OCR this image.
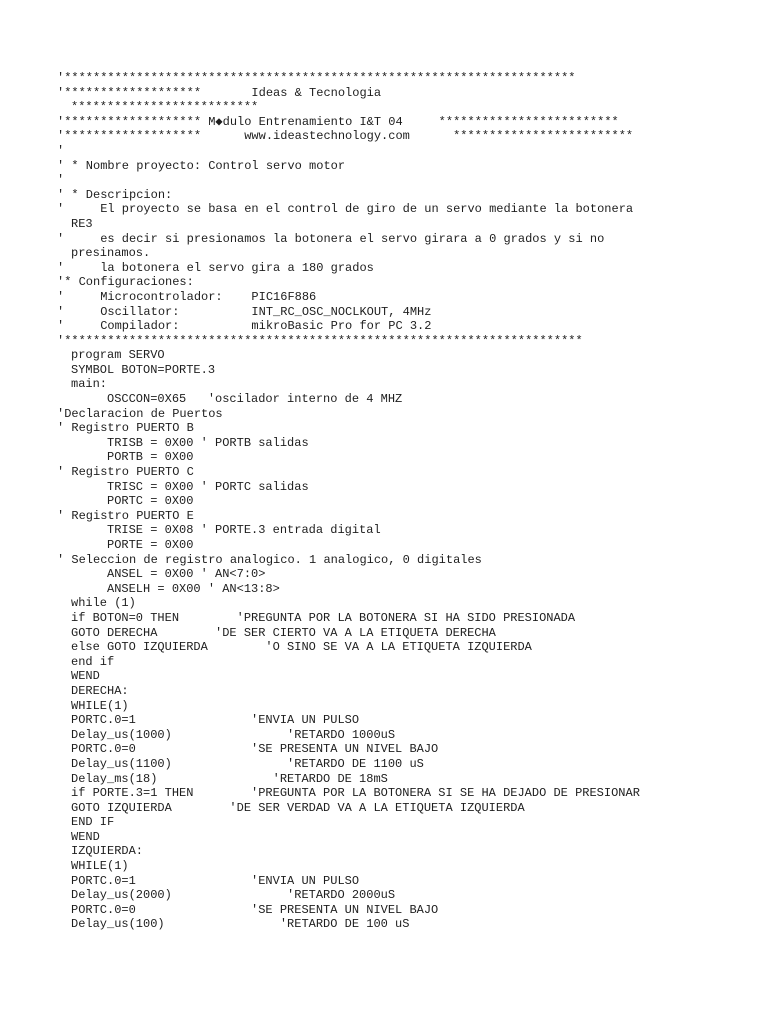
'***********************************************************************
'*******************       Ideas & Tecnologia
**************************
'******************* M◆dulo Entrenamiento I&T 04     *************************
'*******************      www.ideastechnology.com      *************************
'
' * Nombre proyecto: Control servo motor
'
' * Descripcion:
'     El proyecto se basa en el control de giro de un servo mediante la botonera
RE3
'     es decir si presionamos la botonera el servo girara a 0 grados y si no
presinamos.
'     la botonera el servo gira a 180 grados
'* Configuraciones:
'     Microcontrolador:    PIC16F886
'     Oscillator:          INT_RC_OSC_NOCLKOUT, 4MHz
'     Compilador:          mikroBasic Pro for PC 3.2
'************************************************************************
program SERVO
SYMBOL BOTON=PORTE.3
main:
OSCCON=0X65   'oscilador interno de 4 MHZ
'Declaracion de Puertos
' Registro PUERTO B
TRISB = 0X00 ' PORTB salidas
PORTB = 0X00
' Registro PUERTO C
TRISC = 0X00 ' PORTC salidas
PORTC = 0X00
' Registro PUERTO E
TRISE = 0X08 ' PORTE.3 entrada digital
PORTE = 0X00
' Seleccion de registro analogico. 1 analogico, 0 digitales
ANSEL = 0X00 ' AN<7:0>
ANSELH = 0X00 ' AN<13:8>
while (1)
if BOTON=0 THEN        'PREGUNTA POR LA BOTONERA SI HA SIDO PRESIONADA
GOTO DERECHA        'DE SER CIERTO VA A LA ETIQUETA DERECHA
else GOTO IZQUIERDA        'O SINO SE VA A LA ETIQUETA IZQUIERDA
end if
WEND
DERECHA:
WHILE(1)
PORTC.0=1                'ENVIA UN PULSO
Delay_us(1000)                'RETARDO 1000uS
PORTC.0=0                'SE PRESENTA UN NIVEL BAJO
Delay_us(1100)                'RETARDO DE 1100 uS
Delay_ms(18)                'RETARDO DE 18mS
if PORTE.3=1 THEN        'PREGUNTA POR LA BOTONERA SI SE HA DEJADO DE PRESIONAR
GOTO IZQUIERDA        'DE SER VERDAD VA A LA ETIQUETA IZQUIERDA
END IF
WEND
IZQUIERDA:
WHILE(1)
PORTC.0=1                'ENVIA UN PULSO
Delay_us(2000)                'RETARDO 2000uS
PORTC.0=0                'SE PRESENTA UN NIVEL BAJO
Delay_us(100)                'RETARDO DE 100 uS
